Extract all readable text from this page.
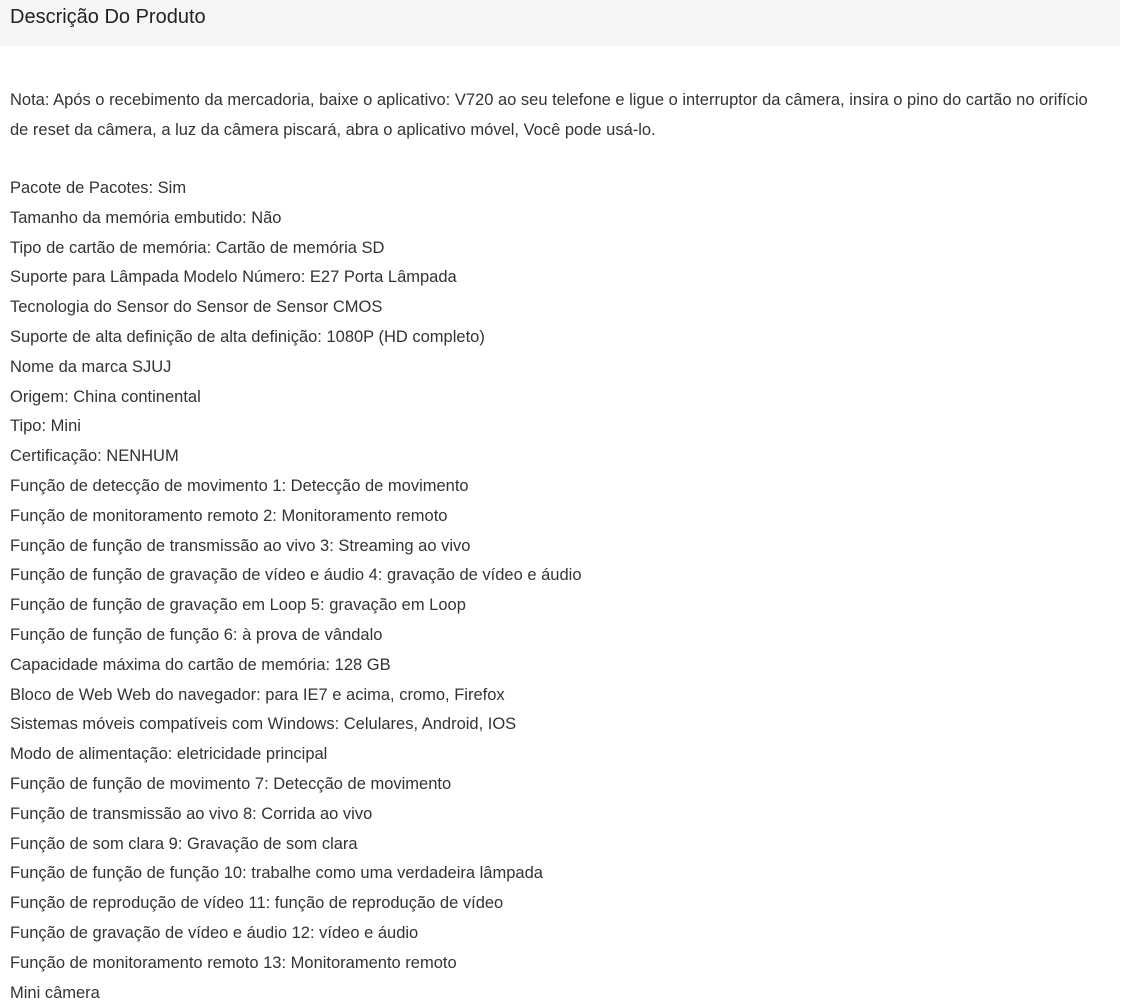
Descrição Do Produto

Nota: Após o recebimento da mercadoria, baixe o aplicativo: V720 ao seu telefone e ligue o interruptor da câmera, insira o pino do cartão no orifício de reset da câmera, a luz da câmera piscará, abra o aplicativo móvel, Você pode usá-lo.

Pacote de Pacotes: Sim
Tamanho da memória embutido: Não
Tipo de cartão de memória: Cartão de memória SD
Suporte para Lâmpada Modelo Número: E27 Porta Lâmpada
Tecnologia do Sensor do Sensor de Sensor CMOS
Suporte de alta definição de alta definição: 1080P (HD completo)
Nome da marca SJUJ
Origem: China continental
Tipo: Mini
Certificação: NENHUM
Função de detecção de movimento 1: Detecção de movimento
Função de monitoramento remoto 2: Monitoramento remoto
Função de função de transmissão ao vivo 3: Streaming ao vivo
Função de função de gravação de vídeo e áudio 4: gravação de vídeo e áudio
Função de função de gravação em Loop 5: gravação em Loop
Função de função de função 6: à prova de vândalo
Capacidade máxima do cartão de memória: 128 GB
Bloco de Web Web do navegador: para IE7 e acima, cromo, Firefox
Sistemas móveis compatíveis com Windows: Celulares, Android, IOS
Modo de alimentação: eletricidade principal
Função de função de movimento 7: Detecção de movimento
Função de transmissão ao vivo 8: Corrida ao vivo
Função de som clara 9: Gravação de som clara
Função de função de função 10: trabalhe como uma verdadeira lâmpada
Função de reprodução de vídeo 11: função de reprodução de vídeo
Função de gravação de vídeo e áudio 12: vídeo e áudio
Função de monitoramento remoto 13: Monitoramento remoto
Mini câmera
